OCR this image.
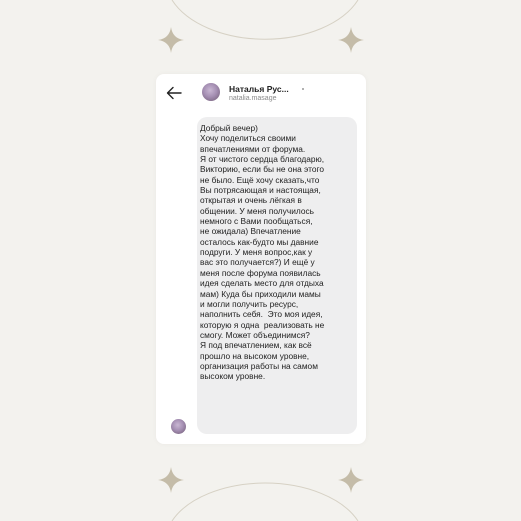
Наталья Рус...
natalia.masage
Добрый вечер)
Хочу поделиться своими
впечатлениями от форума.
Я от чистого сердца благодарю,
Викторию, если бы не она этого
не было. Ещё хочу сказать,что
Вы потрясающая и настоящая,
открытая и очень лёгкая в
общении. У меня получилось
немного с Вами пообщаться,
не ожидала) Впечатление
осталось как-будто мы давние
подруги. У меня вопрос,как у
вас это получается?) И ещё у
меня после форума появилась
идея сделать место для отдыха
мам) Куда бы приходили мамы
и могли получить ресурс,
наполнить себя.  Это моя идея,
которую я одна  реализовать не
смогу. Может объединимся?
Я под впечатлением, как всё
прошло на высоком уровне,
организация работы на самом
высоком уровне.
